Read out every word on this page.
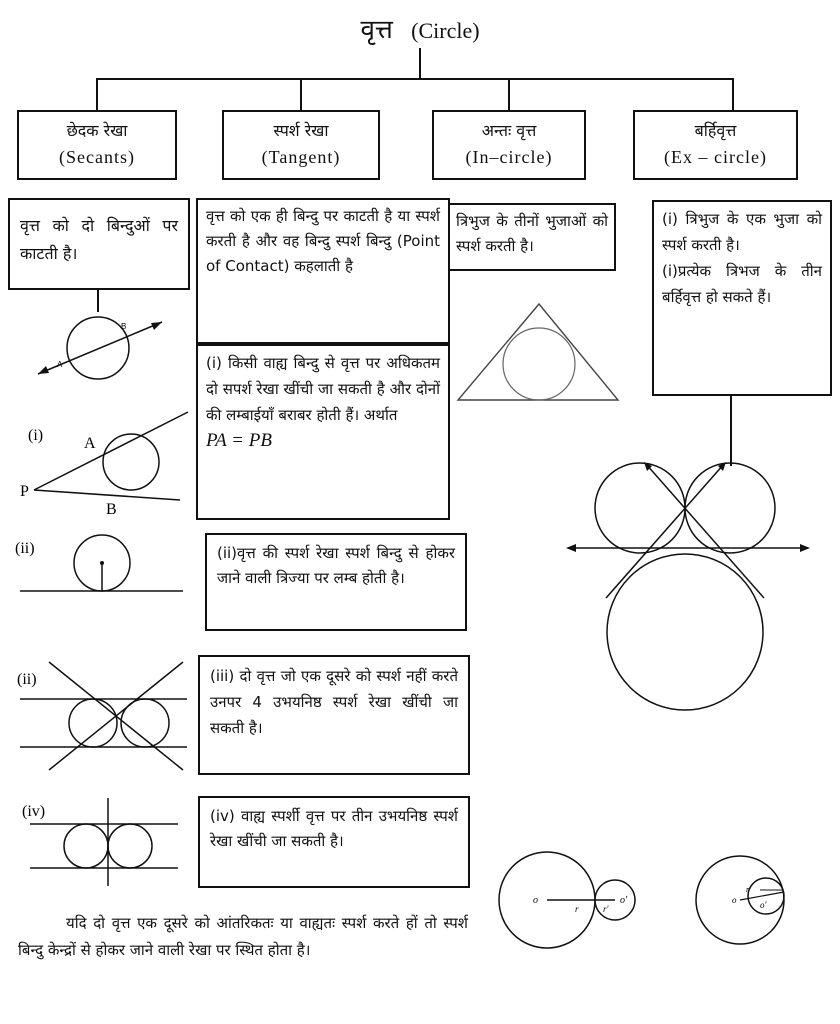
वृत्त (Circle)
छेदक रेखा
(Secants)
स्पर्श रेखा
(Tangent)
अन्तः वृत्त
(In–circle)
बर्हिवृत्त
(Ex – circle)
वृत्त को दो बिन्दुओं पर काटती है।
वृत्त को एक ही बिन्दु पर काटती है या स्पर्श करती है और वह बिन्दु स्पर्श बिन्दु (Point of Contact) कहलाती है
(i) किसी वाह्य बिन्दु से वृत्त पर अधिकतम दो सपर्श रेखा खींची जा सकती है और दोनों की लम्बाईयाँ बराबर होती हैं। अर्थात
PA = PB
(ii)वृत्त की स्पर्श रेखा स्पर्श बिन्दु से होकर जाने वाली त्रिज्या पर लम्ब होती है।
(iii) दो वृत्त जो एक दूसरे को स्पर्श नहीं करते उनपर 4 उभयनिष्ठ स्पर्श रेखा खींची जा सकती है।
(iv) वाह्य स्पर्शी वृत्त पर तीन उभयनिष्ठ स्पर्श रेखा खींची जा सकती है।
त्रिभुज के तीनों भुजाओं को स्पर्श करती है।
(i) त्रिभुज के एक भुजा को स्पर्श करती है।
(i)प्रत्येक त्रिभज के तीन बर्हिवृत्त हो सकते हैं।
A
B
(i)
P
A
B
(ii)
(ii)
(iv)
o	o'
r	r'
o	o'
r
यदि दो वृत्त एक दूसरे को आंतरिकतः या वाह्यतः स्पर्श करते हों तो स्पर्श बिन्दु केन्द्रों से होकर जाने वाली रेखा पर स्थित होता है।
